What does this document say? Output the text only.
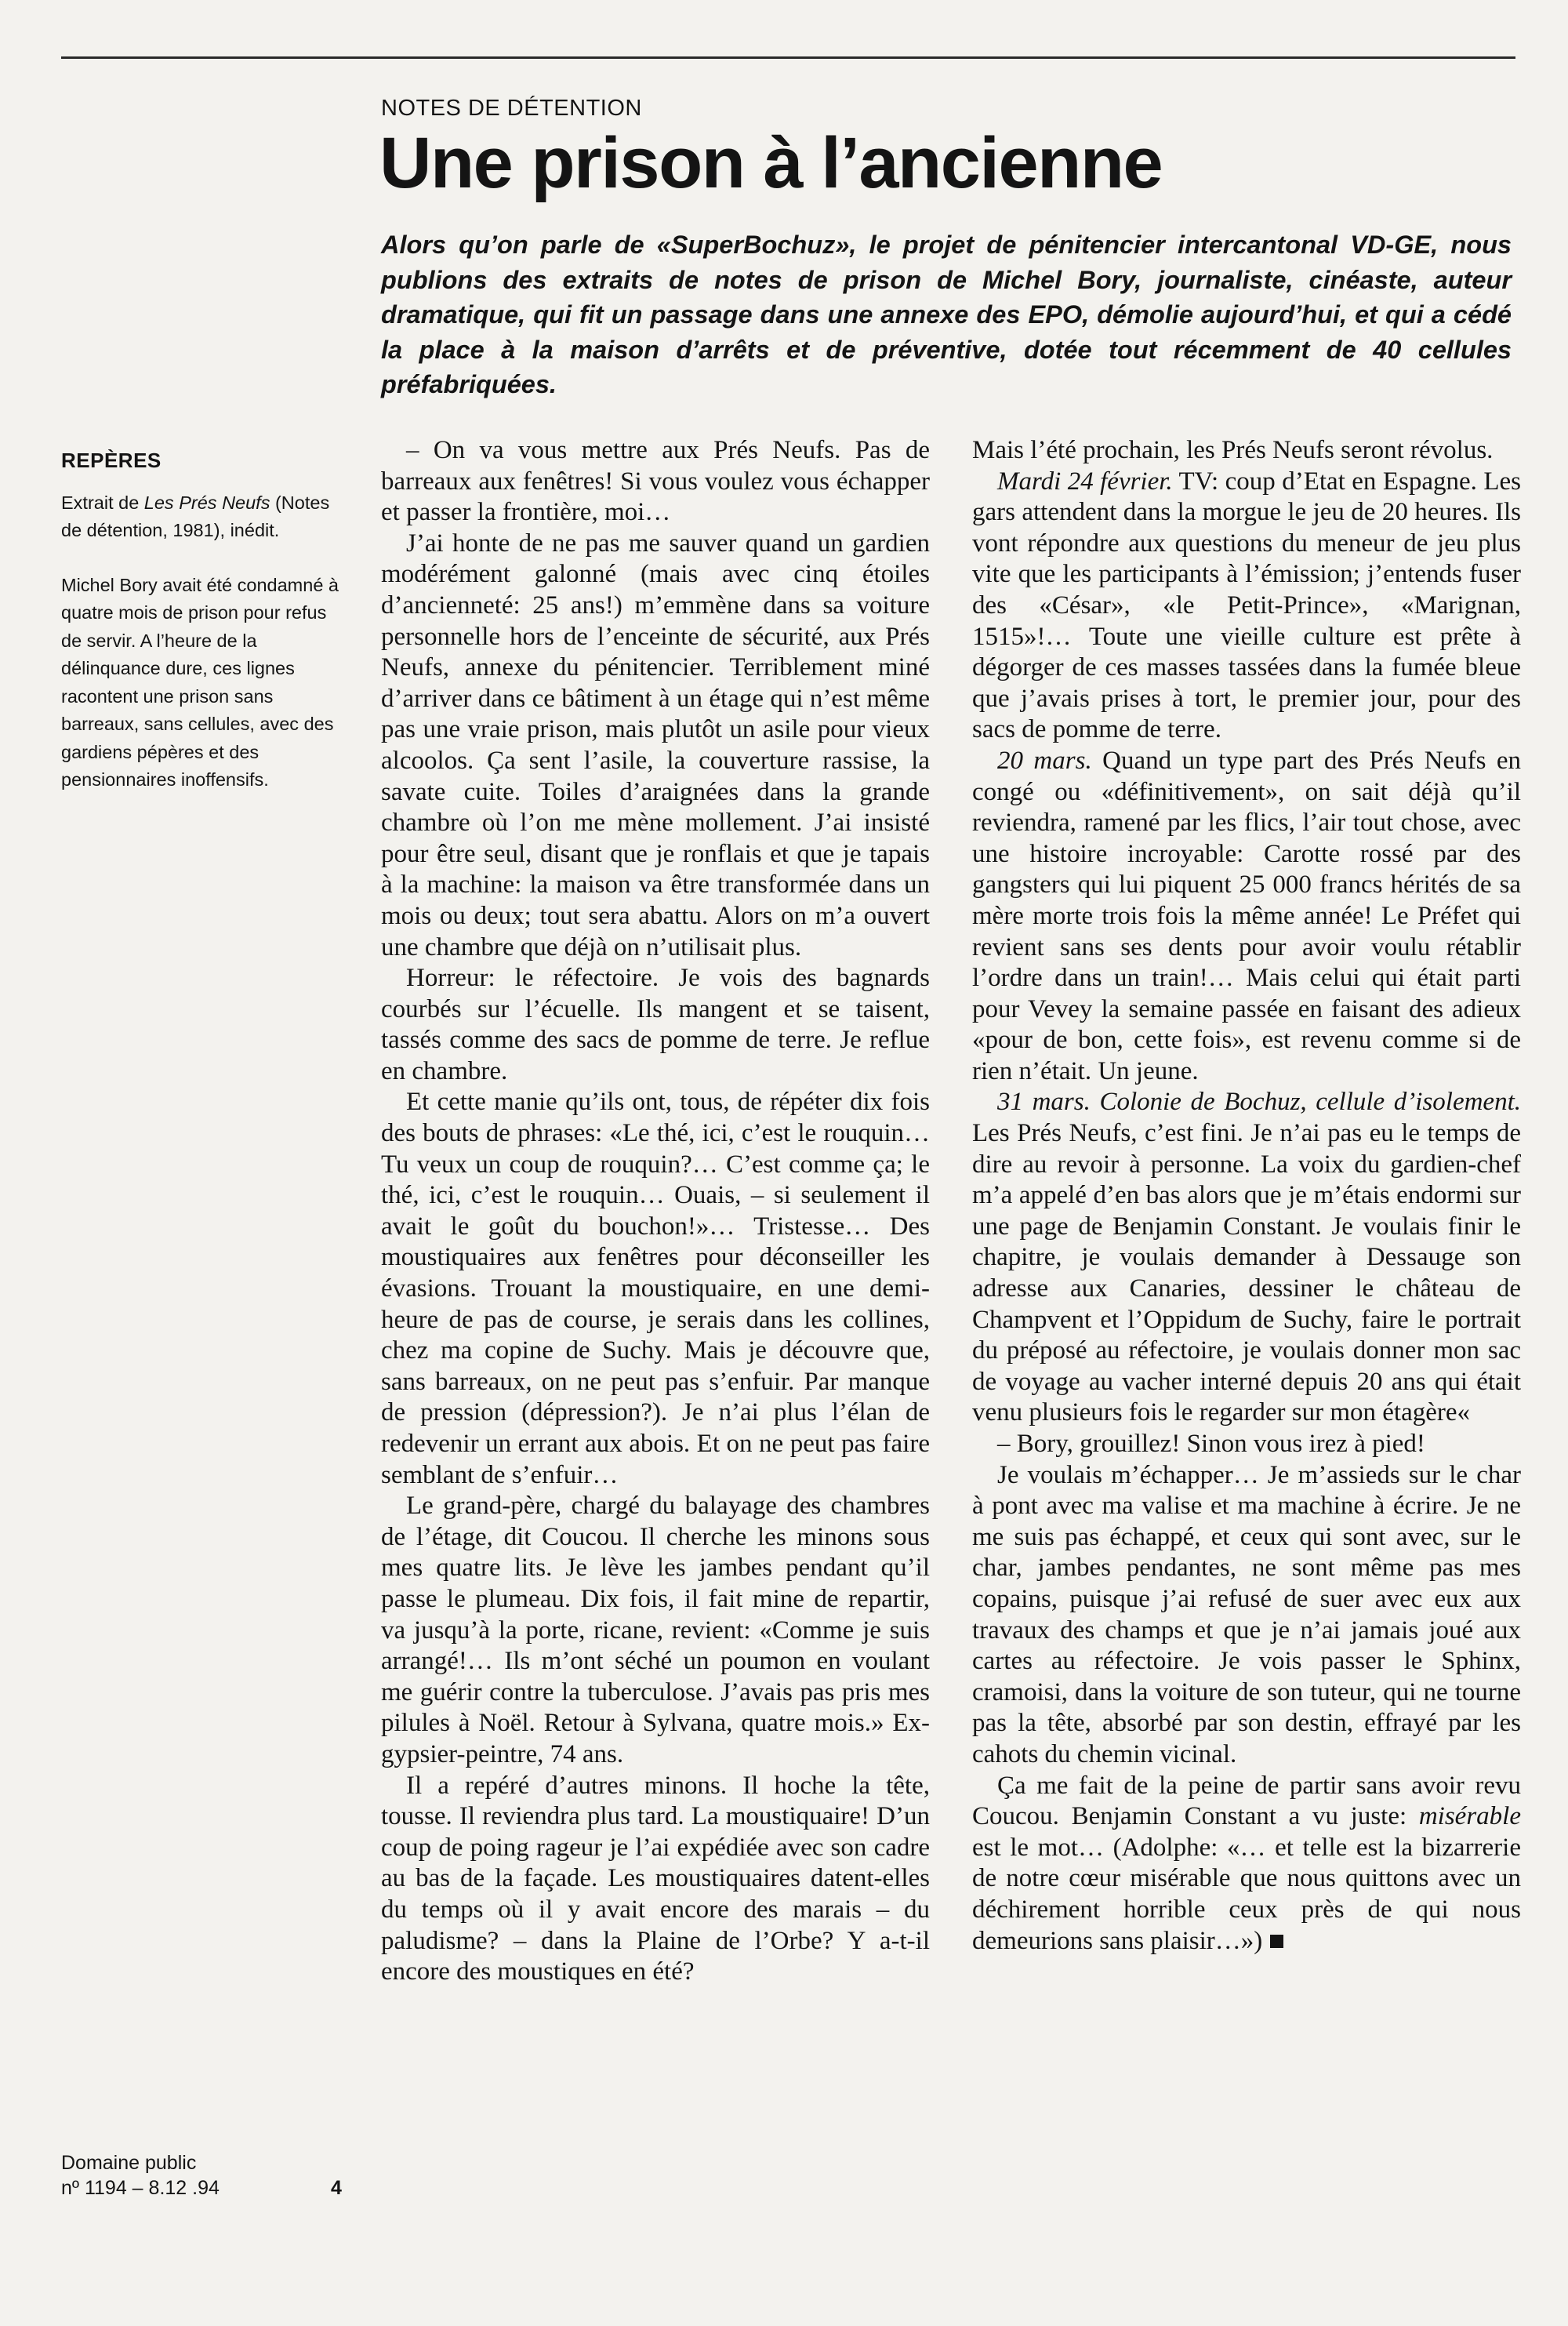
NOTES DE DÉTENTION
Une prison à l’ancienne

Alors qu’on parle de «SuperBochuz», le projet de pénitencier intercantonal VD-GE, nous publions des extraits de notes de prison de Michel Bory, journaliste, cinéaste, auteur dramatique, qui fit un passage dans une annexe des EPO, démolie aujourd’hui, et qui a cédé la place à la maison d’arrêts et de préventive, dotée tout récemment de 40 cellules préfabriquées.

REPÈRES

Extrait de Les Prés Neufs (Notes de détention, 1981), inédit.

Michel Bory avait été condamné à quatre mois de prison pour refus de servir. A l’heure de la délinquance dure, ces lignes racontent une prison sans barreaux, sans cellules, avec des gardiens pépères et des pensionnaires inoffensifs.

Domaine public
nº 1194 – 8.12 .94	4

– On va vous mettre aux Prés Neufs. Pas de barreaux aux fenêtres! Si vous voulez vous échapper et passer la frontière, moi…

J’ai honte de ne pas me sauver quand un gardien modérément galonné (mais avec cinq étoiles d’ancienneté: 25 ans!) m’emmène dans sa voiture personnelle hors de l’enceinte de sécurité, aux Prés Neufs, annexe du pénitencier. Terriblement miné d’arriver dans ce bâtiment à un étage qui n’est même pas une vraie prison, mais plutôt un asile pour vieux alcoolos. Ça sent l’asile, la couverture rassise, la savate cuite. Toiles d’araignées dans la grande chambre où l’on me mène mollement. J’ai insisté pour être seul, disant que je ronflais et que je tapais à la machine: la maison va être transformée dans un mois ou deux; tout sera abattu. Alors on m’a ouvert une chambre que déjà on n’utilisait plus.

Horreur: le réfectoire. Je vois des bagnards courbés sur l’écuelle. Ils mangent et se taisent, tassés comme des sacs de pomme de terre. Je reflue en chambre.

Et cette manie qu’ils ont, tous, de répéter dix fois des bouts de phrases: «Le thé, ici, c’est le rouquin… Tu veux un coup de rouquin?… C’est comme ça; le thé, ici, c’est le rouquin… Ouais, – si seulement il avait le goût du bouchon!»… Tristesse… Des moustiquaires aux fenêtres pour déconseiller les évasions. Trouant la moustiquaire, en une demi-heure de pas de course, je serais dans les collines, chez ma copine de Suchy. Mais je découvre que, sans barreaux, on ne peut pas s’enfuir. Par manque de pression (dépression?). Je n’ai plus l’élan de redevenir un errant aux abois. Et on ne peut pas faire semblant de s’enfuir…

Le grand-père, chargé du balayage des chambres de l’étage, dit Coucou. Il cherche les minons sous mes quatre lits. Je lève les jambes pendant qu’il passe le plumeau. Dix fois, il fait mine de repartir, va jusqu’à la porte, ricane, revient: «Comme je suis arrangé!… Ils m’ont séché un poumon en voulant me guérir contre la tuberculose. J’avais pas pris mes pilules à Noël. Retour à Sylvana, quatre mois.» Ex-gypsier-peintre, 74 ans.

Il a repéré d’autres minons. Il hoche la tête, tousse. Il reviendra plus tard. La moustiquaire! D’un coup de poing rageur je l’ai expédiée avec son cadre au bas de la façade. Les moustiquaires datent-elles du temps où il y avait encore des marais – du paludisme? – dans la Plaine de l’Orbe? Y a-t-il encore des moustiques en été?

Mais l’été prochain, les Prés Neufs seront révolus.

Mardi 24 février. TV: coup d’Etat en Espagne. Les gars attendent dans la morgue le jeu de 20 heures. Ils vont répondre aux questions du meneur de jeu plus vite que les participants à l’émission; j’entends fuser des «César», «le Petit-Prince», «Marignan, 1515»!… Toute une vieille culture est prête à dégorger de ces masses tassées dans la fumée bleue que j’avais prises à tort, le premier jour, pour des sacs de pomme de terre.

20 mars. Quand un type part des Prés Neufs en congé ou «définitivement», on sait déjà qu’il reviendra, ramené par les flics, l’air tout chose, avec une histoire incroyable: Carotte rossé par des gangsters qui lui piquent 25 000 francs hérités de sa mère morte trois fois la même année! Le Préfet qui revient sans ses dents pour avoir voulu rétablir l’ordre dans un train!… Mais celui qui était parti pour Vevey la semaine passée en faisant des adieux «pour de bon, cette fois», est revenu comme si de rien n’était. Un jeune.

31 mars. Colonie de Bochuz, cellule d’isolement. Les Prés Neufs, c’est fini. Je n’ai pas eu le temps de dire au revoir à personne. La voix du gardien-chef m’a appelé d’en bas alors que je m’étais endormi sur une page de Benjamin Constant. Je voulais finir le chapitre, je voulais demander à Dessauge son adresse aux Canaries, dessiner le château de Champvent et l’Oppidum de Suchy, faire le portrait du préposé au réfectoire, je voulais donner mon sac de voyage au vacher interné depuis 20 ans qui était venu plusieurs fois le regarder sur mon étagère«

– Bory, grouillez! Sinon vous irez à pied!

Je voulais m’échapper… Je m’assieds sur le char à pont avec ma valise et ma machine à écrire. Je ne me suis pas échappé, et ceux qui sont avec, sur le char, jambes pendantes, ne sont même pas mes copains, puisque j’ai refusé de suer avec eux aux travaux des champs et que je n’ai jamais joué aux cartes au réfectoire. Je vois passer le Sphinx, cramoisi, dans la voiture de son tuteur, qui ne tourne pas la tête, absorbé par son destin, effrayé par les cahots du chemin vicinal.

Ça me fait de la peine de partir sans avoir revu Coucou. Benjamin Constant a vu juste: misérable est le mot… (Adolphe: «… et telle est la bizarrerie de notre cœur misérable que nous quittons avec un déchirement horrible ceux près de qui nous demeurions sans plaisir…»)
